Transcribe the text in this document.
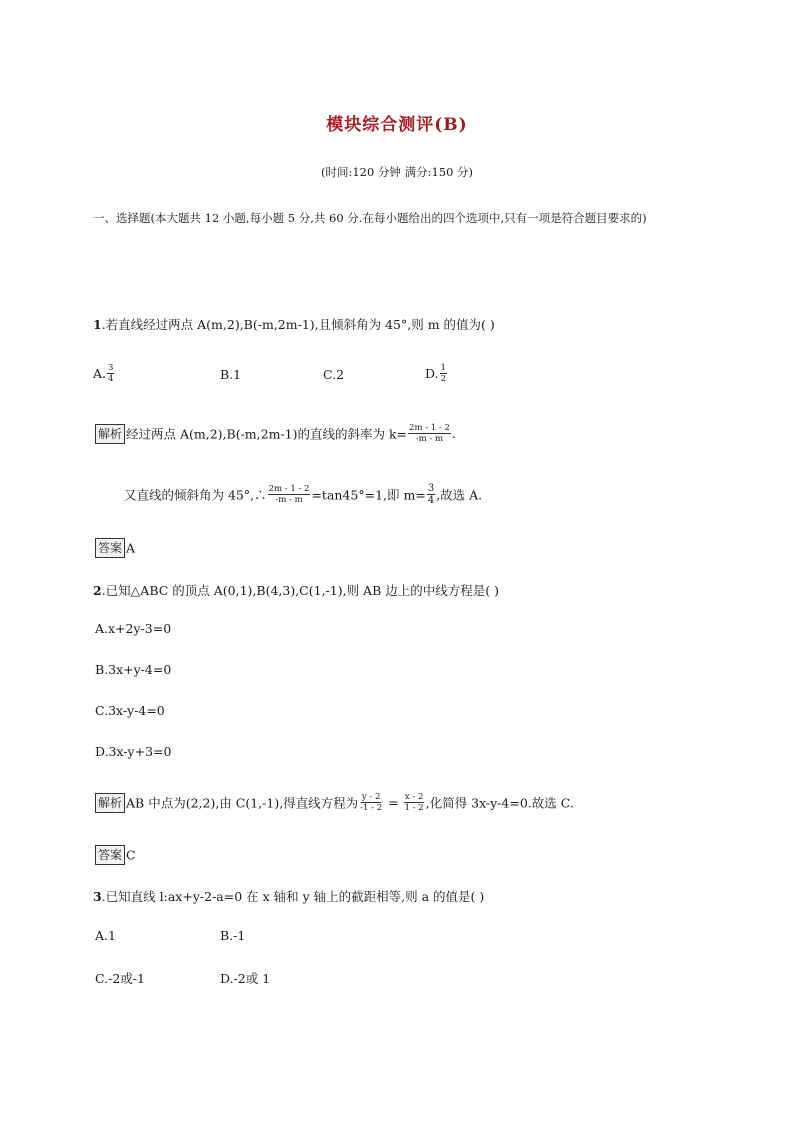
模块综合测评(B)
(时间:120 分钟 满分:150 分)
一、选择题(本大题共 12 小题,每小题 5 分,共 60 分.在每小题给出的四个选项中,只有一项是符合题目要求的)
1.若直线经过两点 A(m,2),B(-m,2m-1),且倾斜角为 45°,则 m 的值为( )
A. $\frac{3}{4}$	B.1	C.2	D. $\frac{1}{2}$
解析 经过两点 A(m,2),B(-m,2m-1)的直线的斜率为 $k= \frac{2m - 1 - 2}{-m - m}$ .
又直线的倾斜角为 45°,∴ $\frac{2m - 1 - 2}{-m - m} =\tan 45^\circ=1$,即 $m= \frac{3}{4}$ ,故选 A.
答案 A
2.已知△ABC 的顶点 A(0,1),B(4,3),C(1,-1),则 AB 边上的中线方程是( )
A.x+2y-3=0
B.3x+y-4=0
C.3x-y-4=0
D.3x-y+3=0
解析 AB 中点为(2,2),由 C(1,-1),得直线方程为 $\frac{y - 2}{-1 - 2} = \frac{x - 2}{1 - 2}$ ,化简得 3x-y-4=0.故选 C.
答案 C
3.已知直线 l:ax+y-2-a=0 在 x 轴和 y 轴上的截距相等,则 a 的值是( )
A.1	B.-1
C.-2或-1	D.-2或 1
